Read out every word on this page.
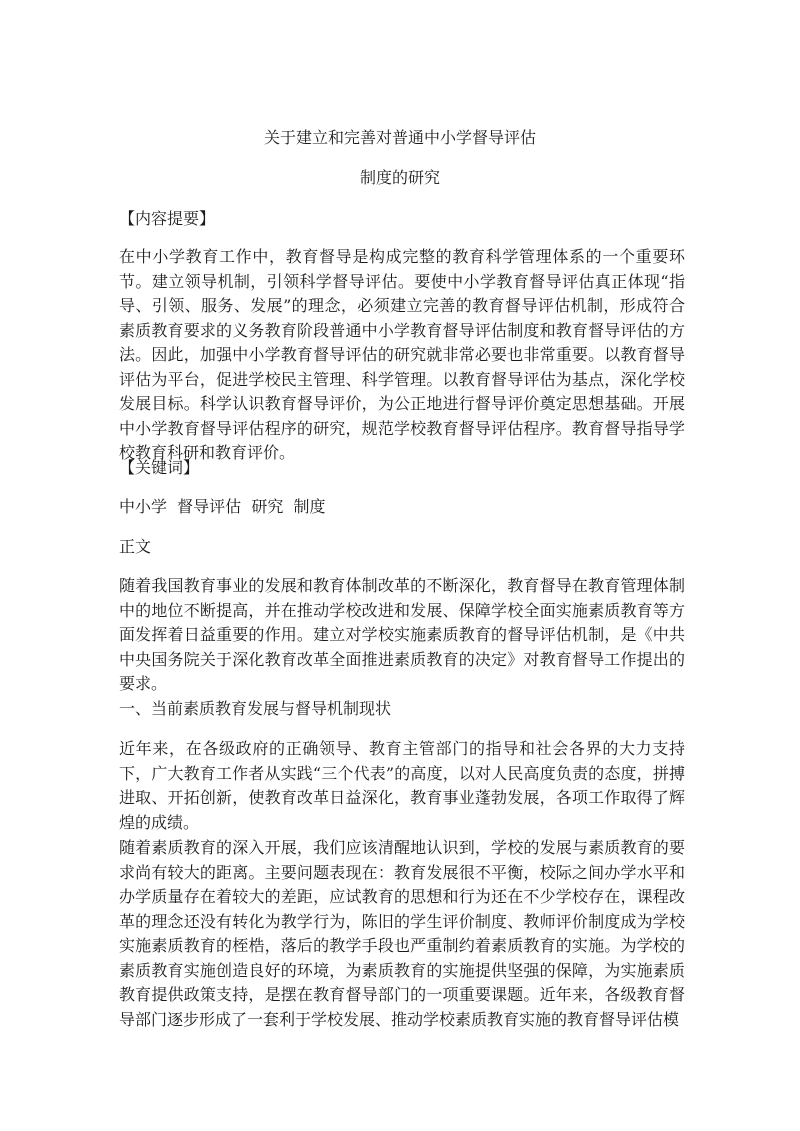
关于建立和完善对普通中小学督导评估

制度的研究

【内容提要】

在中小学教育工作中，教育督导是构成完整的教育科学管理体系的一个重要环节。建立领导机制，引领科学督导评估。要使中小学教育督导评估真正体现“指导、引领、服务、发展”的理念，必须建立完善的教育督导评估机制，形成符合素质教育要求的义务教育阶段普通中小学教育督导评估制度和教育督导评估的方法。因此，加强中小学教育督导评估的研究就非常必要也非常重要。以教育督导评估为平台，促进学校民主管理、科学管理。以教育督导评估为基点，深化学校发展目标。科学认识教育督导评价，为公正地进行督导评价奠定思想基础。开展中小学教育督导评估程序的研究，规范学校教育督导评估程序。教育督导指导学校教育科研和教育评价。

【关键词】

中小学  督导评估  研究  制度

正文

随着我国教育事业的发展和教育体制改革的不断深化，教育督导在教育管理体制中的地位不断提高，并在推动学校改进和发展、保障学校全面实施素质教育等方面发挥着日益重要的作用。建立对学校实施素质教育的督导评估机制，是《中共中央国务院关于深化教育改革全面推进素质教育的决定》对教育督导工作提出的要求。

一、当前素质教育发展与督导机制现状

近年来，在各级政府的正确领导、教育主管部门的指导和社会各界的大力支持下，广大教育工作者从实践“三个代表”的高度，以对人民高度负责的态度，拼搏进取、开拓创新，使教育改革日益深化，教育事业蓬勃发展，各项工作取得了辉煌的成绩。

随着素质教育的深入开展，我们应该清醒地认识到，学校的发展与素质教育的要求尚有较大的距离。主要问题表现在：教育发展很不平衡，校际之间办学水平和办学质量存在着较大的差距，应试教育的思想和行为还在不少学校存在，课程改革的理念还没有转化为教学行为，陈旧的学生评价制度、教师评价制度成为学校实施素质教育的桎梏，落后的教学手段也严重制约着素质教育的实施。为学校的素质教育实施创造良好的环境，为素质教育的实施提供坚强的保障，为实施素质教育提供政策支持，是摆在教育督导部门的一项重要课题。近年来，各级教育督导部门逐步形成了一套利于学校发展、推动学校素质教育实施的教育督导评估模
